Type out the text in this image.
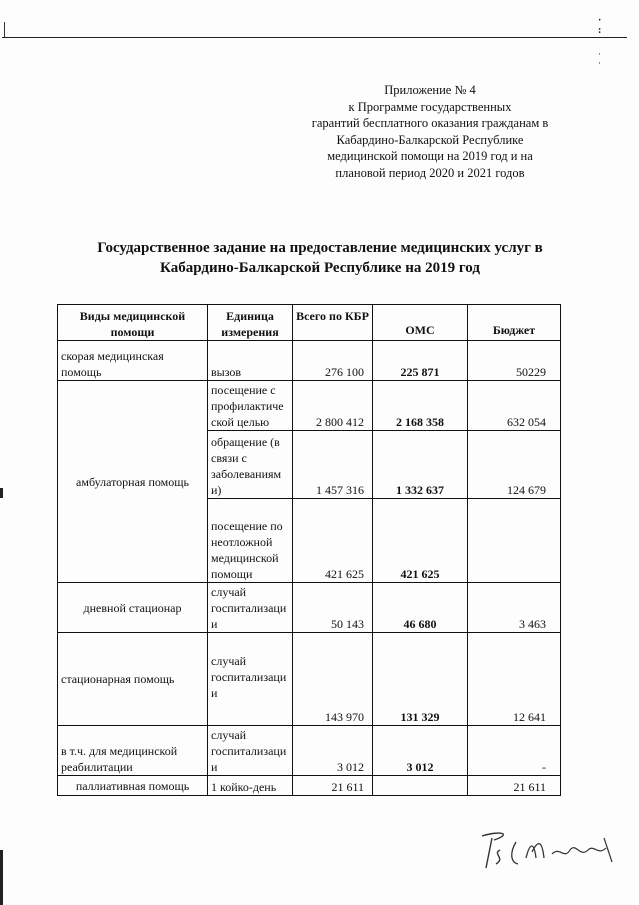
·
:
·
·
Приложение № 4
к Программе государственных
гарантий бесплатного оказания гражданам в
Кабардино-Балкарской Республике
медицинской помощи на 2019 год и на
плановой период 2020 и 2021 годов
Государственное задание на предоставление медицинских услуг в
Кабардино-Балкарской Республике на 2019 год
Виды медицинской помощи	Единица измерения	Всего по КБР	ОМС	Бюджет
скорая медицинская
помощь	вызов	276 100	225 871	50229
амбулаторная помощь	посещение с
профилактиче
ской целью	2 800 412	2 168 358	632 054
	обращение (в
связи с
заболеваниям
и)	1 457 316	1 332 637	124 679
	посещение по
неотложной
медицинской
помощи	421 625	421 625	
дневной стационар	случай
госпитализаци
и	50 143	46 680	3 463
стационарная помощь	случай
госпитализаци
и	143 970	131 329	12 641
в т.ч. для медицинской
реабилитации	случай
госпитализаци
и	3 012	3 012	-
паллиативная помощь	1 койко-день	21 611		21 611
